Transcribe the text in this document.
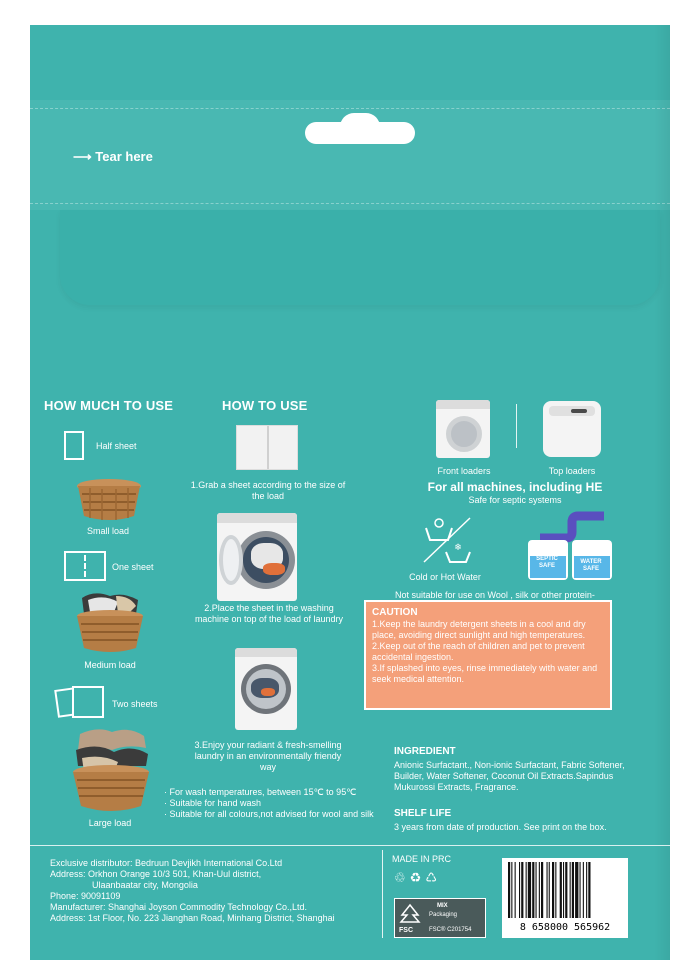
⟶ Tear here
HOW MUCH TO USE
Half sheet
Small load
One sheet
Medium load
Two sheets
Large load
HOW TO USE
1.Grab a sheet according to the size of the load
2.Place the sheet in the washing machine on top of the load of laundry
3.Enjoy your radiant & fresh-smelling laundry in an environmentally friendy way
· For wash temperatures, between 15℃ to 95℃
· Suitable for hand wash
· Suitable for all colours,not advised for wool and silk
Front loaders	Top loaders
For all machines, including HE
Safe for septic systems
❄
Cold or Hot Water
SEPTIC SAFE
GREY WATER SAFE
Not suitable for use on Wool , silk or other protein-
CAUTION
1.Keep the laundry detergent sheets in a cool and dry place, avoiding direct sunlight and high temperatures.
2.Keep out of the reach of children and pet to prevent accidental ingestion.
3.If splashed into eyes, rinse immediately with water and seek medical attention.
INGREDIENT
Anionic Surfactant., Non-ionic Surfactant, Fabric Softener, Builder, Water Softener, Coconut Oil Extracts.Sapindus Mukurossi Extracts, Fragrance.
SHELF LIFE
3 years from date of production. See print on the box.
Exclusive distributor: Bedruun Devjikh International Co.Ltd
Address: Orkhon Orange 10/3 501, Khan-Uul district,
Ulaanbaatar city, Mongolia
Phone: 90091109
Manufacturer: Shanghai Joyson Commodity Technology Co.,Ltd.
Address: 1st Floor, No. 223 Jianghan Road, Minhang District, Shanghai
MADE IN PRC
♲♻♺
FSC
MIX
Packaging
FSC® C201754	8 658000 565962
